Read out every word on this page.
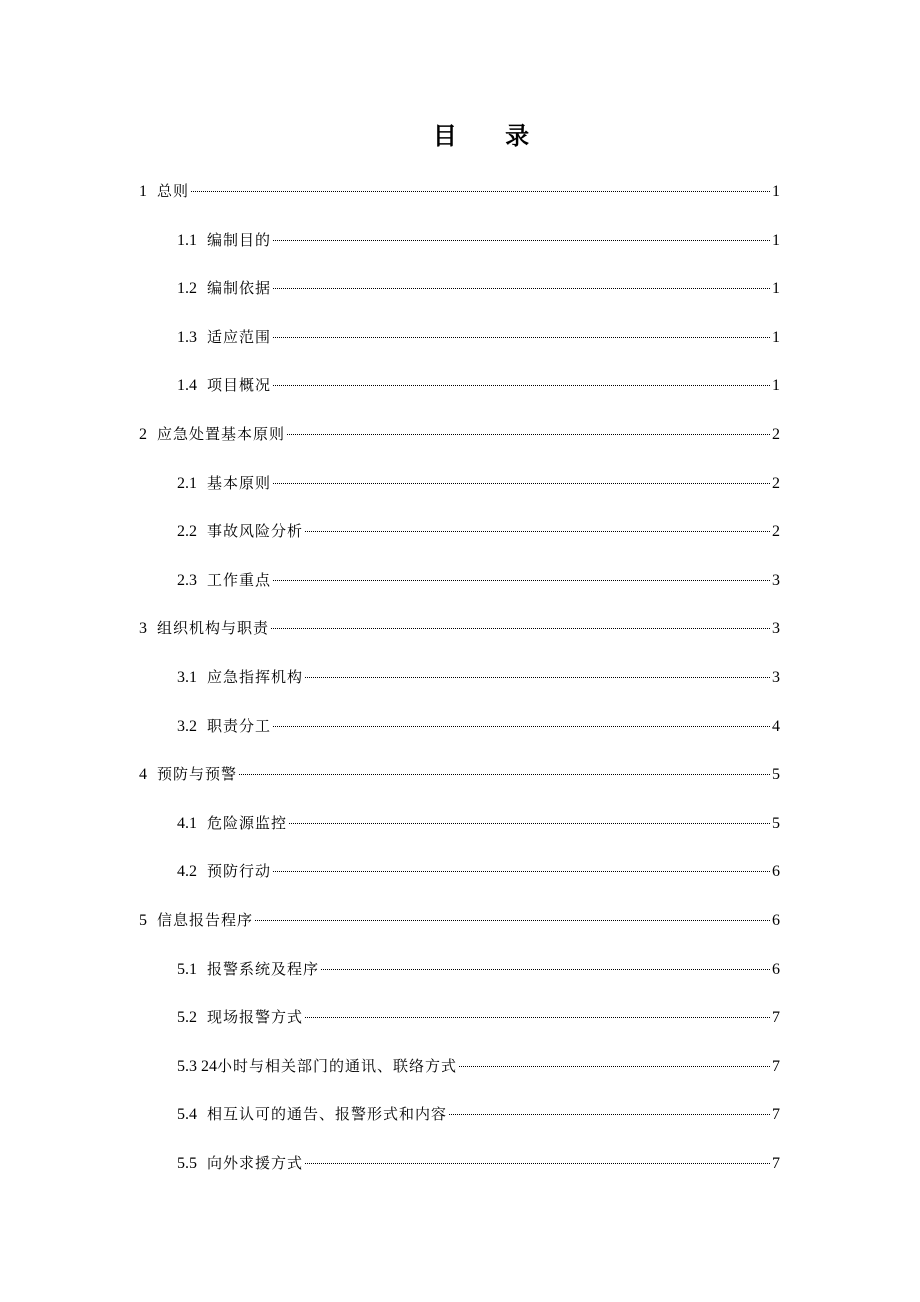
目 录
1 总则	1
1.1 编制目的	1
1.2 编制依据	1
1.3 适应范围	1
1.4 项目概况	1
2 应急处置基本原则	2
2.1 基本原则	2
2.2 事故风险分析	2
2.3 工作重点	3
3 组织机构与职责	3
3.1 应急指挥机构	3
3.2 职责分工	4
4 预防与预警	5
4.1 危险源监控	5
4.2 预防行动	6
5 信息报告程序	6
5.1 报警系统及程序	6
5.2 现场报警方式	7
5.3 24 小时与相关部门的通讯、联络方式	7
5.4 相互认可的通告、报警形式和内容	7
5.5 向外求援方式	7
